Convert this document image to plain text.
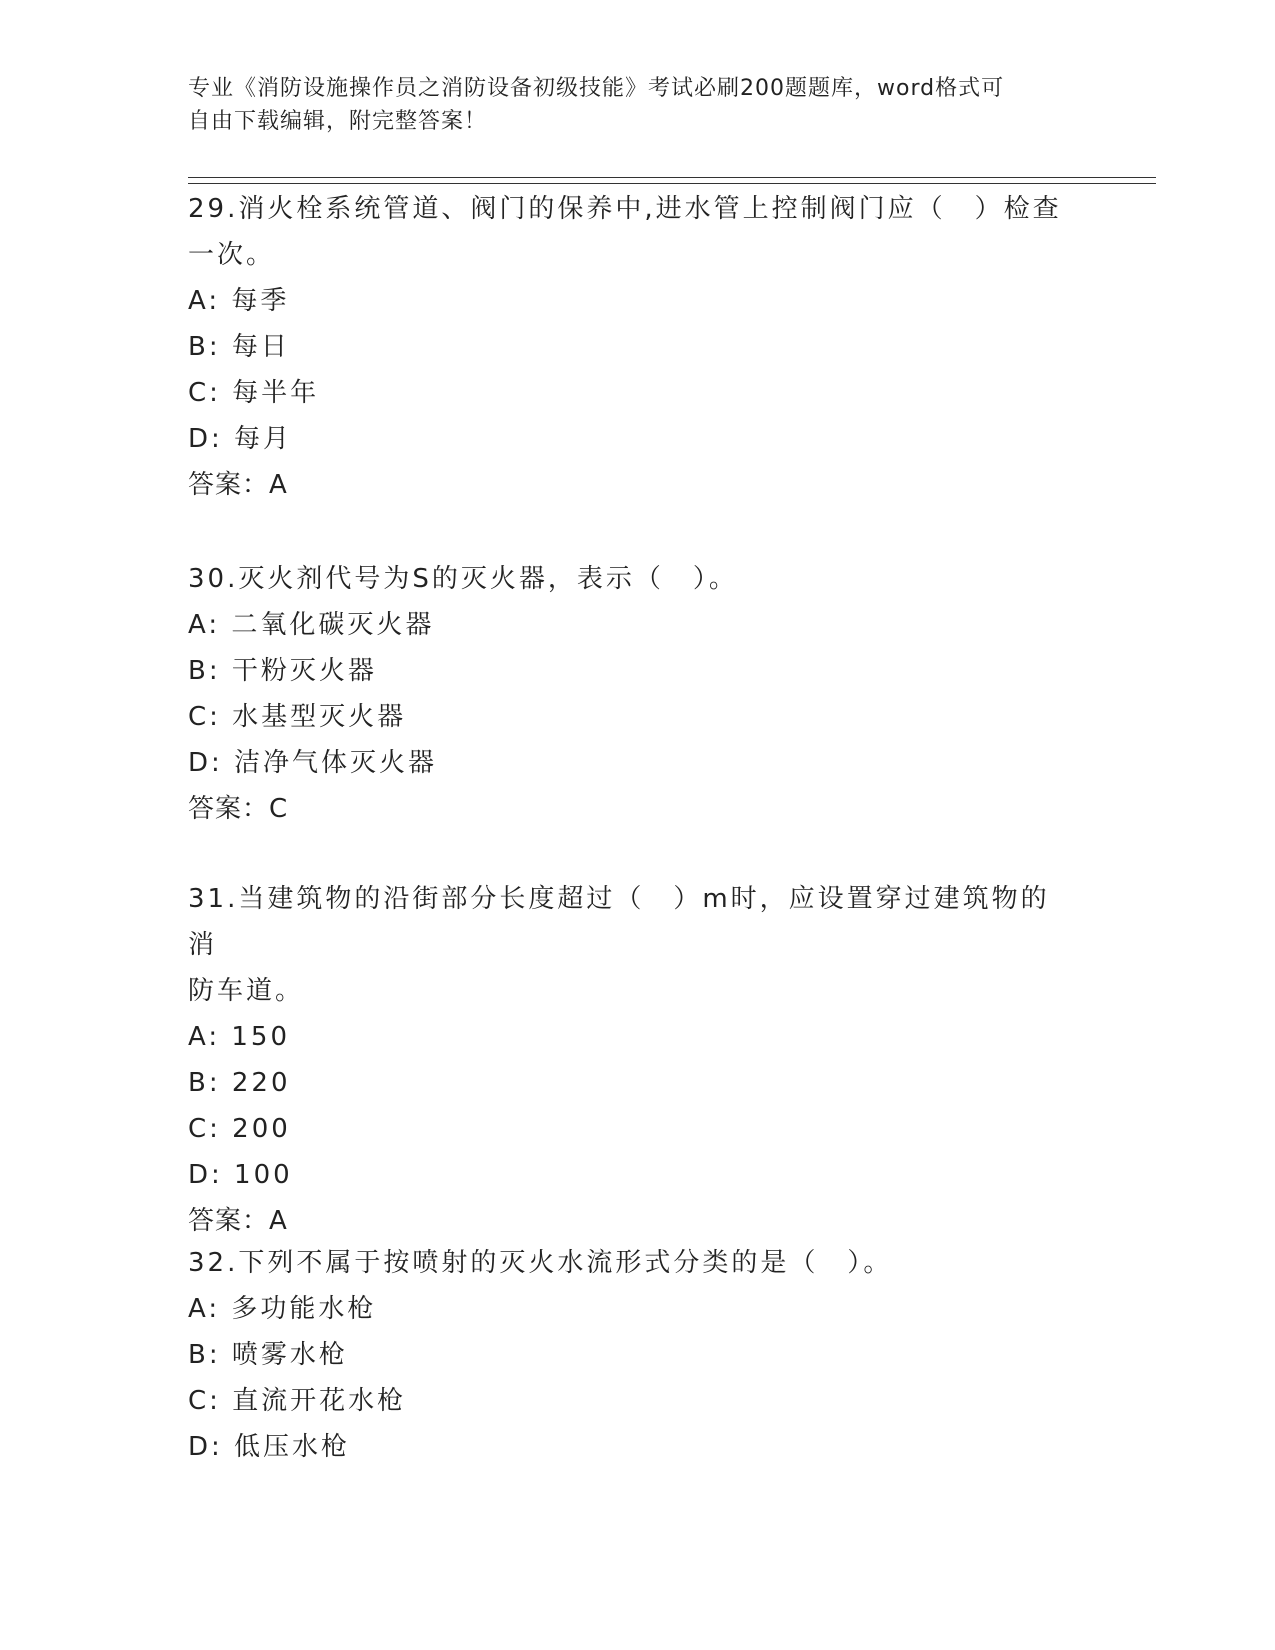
专业《消防设施操作员之消防设备初级技能》考试必刷200题题库，word格式可
自由下载编辑，附完整答案！
29.消火栓系统管道、阀门的保养中,进水管上控制阀门应（　）检查
一次。
A: 每季
B: 每日
C: 每半年
D: 每月
答案：A
30.灭火剂代号为S的灭火器，表示（　）。
A: 二氧化碳灭火器
B: 干粉灭火器
C: 水基型灭火器
D: 洁净气体灭火器
答案：C
31.当建筑物的沿街部分长度超过（　）m时，应设置穿过建筑物的消
防车道。
A: 150
B: 220
C: 200
D: 100
答案：A
32.下列不属于按喷射的灭火水流形式分类的是（　）。
A: 多功能水枪
B: 喷雾水枪
C: 直流开花水枪
D: 低压水枪
